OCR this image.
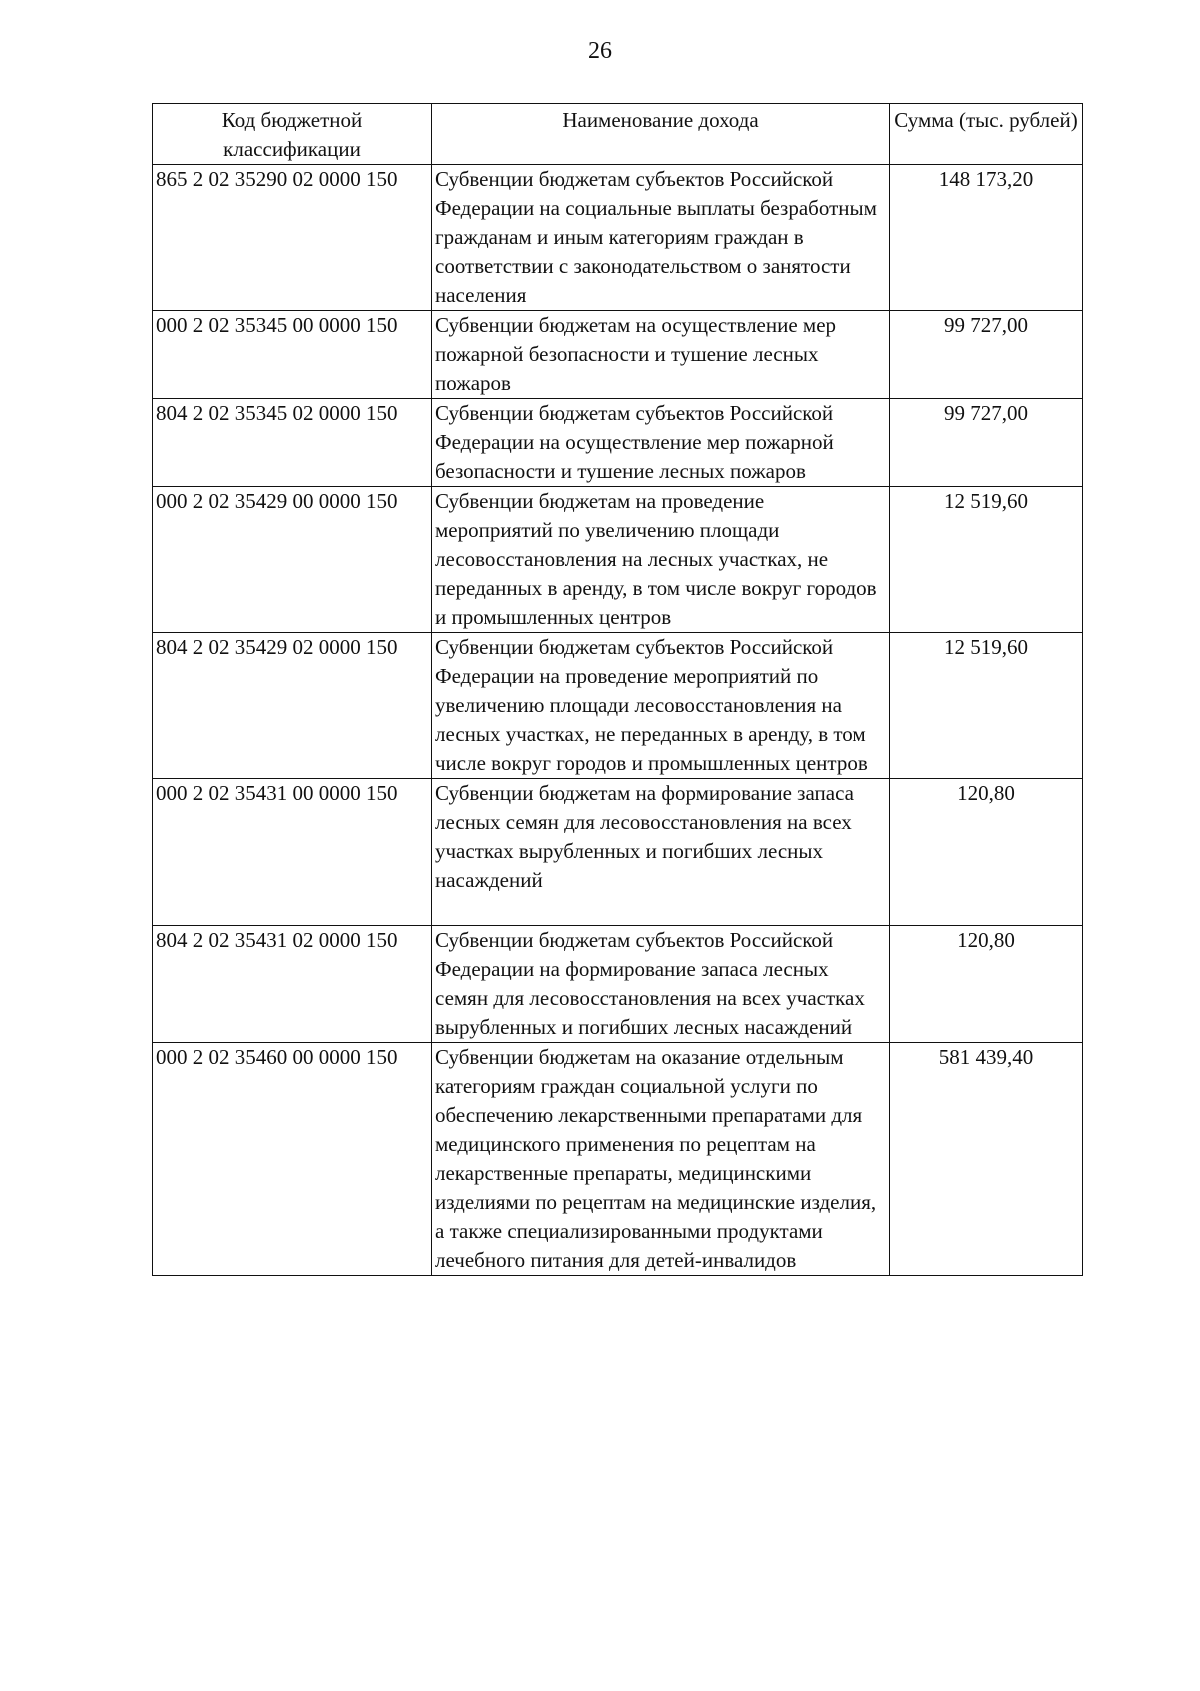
26
Код бюджетной классификации	Наименование дохода	Сумма (тыс. рублей)
865 2 02 35290 02 0000 150	Субвенции бюджетам субъектов Российской Федерации на социальные выплаты безработным гражданам и иным категориям граждан в соответствии с законодательством о занятости населения	148 173,20
000 2 02 35345 00 0000 150	Субвенции бюджетам на осуществление мер пожарной безопасности и тушение лесных пожаров	99 727,00
804 2 02 35345 02 0000 150	Субвенции бюджетам субъектов Российской Федерации на осуществление мер пожарной безопасности и тушение лесных пожаров	99 727,00
000 2 02 35429 00 0000 150	Субвенции бюджетам на проведение мероприятий по увеличению площади лесовосстановления на лесных участках, не переданных в аренду, в том числе вокруг городов и промышленных центров	12 519,60
804 2 02 35429 02 0000 150	Субвенции бюджетам субъектов Российской Федерации на проведение мероприятий по увеличению площади лесовосстановления на лесных участках, не переданных в аренду, в том числе вокруг городов и промышленных центров	12 519,60
000 2 02 35431 00 0000 150	Субвенции бюджетам на формирование запаса лесных семян для лесовосстановления на всех участках вырубленных и погибших лесных насаждений	120,80
804 2 02 35431 02 0000 150	Субвенции бюджетам субъектов Российской Федерации на формирование запаса лесных семян для лесовосстановления на всех участках вырубленных и погибших лесных насаждений	120,80
000 2 02 35460 00 0000 150	Субвенции бюджетам на оказание отдельным категориям граждан социальной услуги по обеспечению лекарственными препаратами для медицинского применения по рецептам на лекарственные препараты, медицинскими изделиями по рецептам на медицинские изделия, а также специализированными продуктами лечебного питания для детей-инвалидов	581 439,40
